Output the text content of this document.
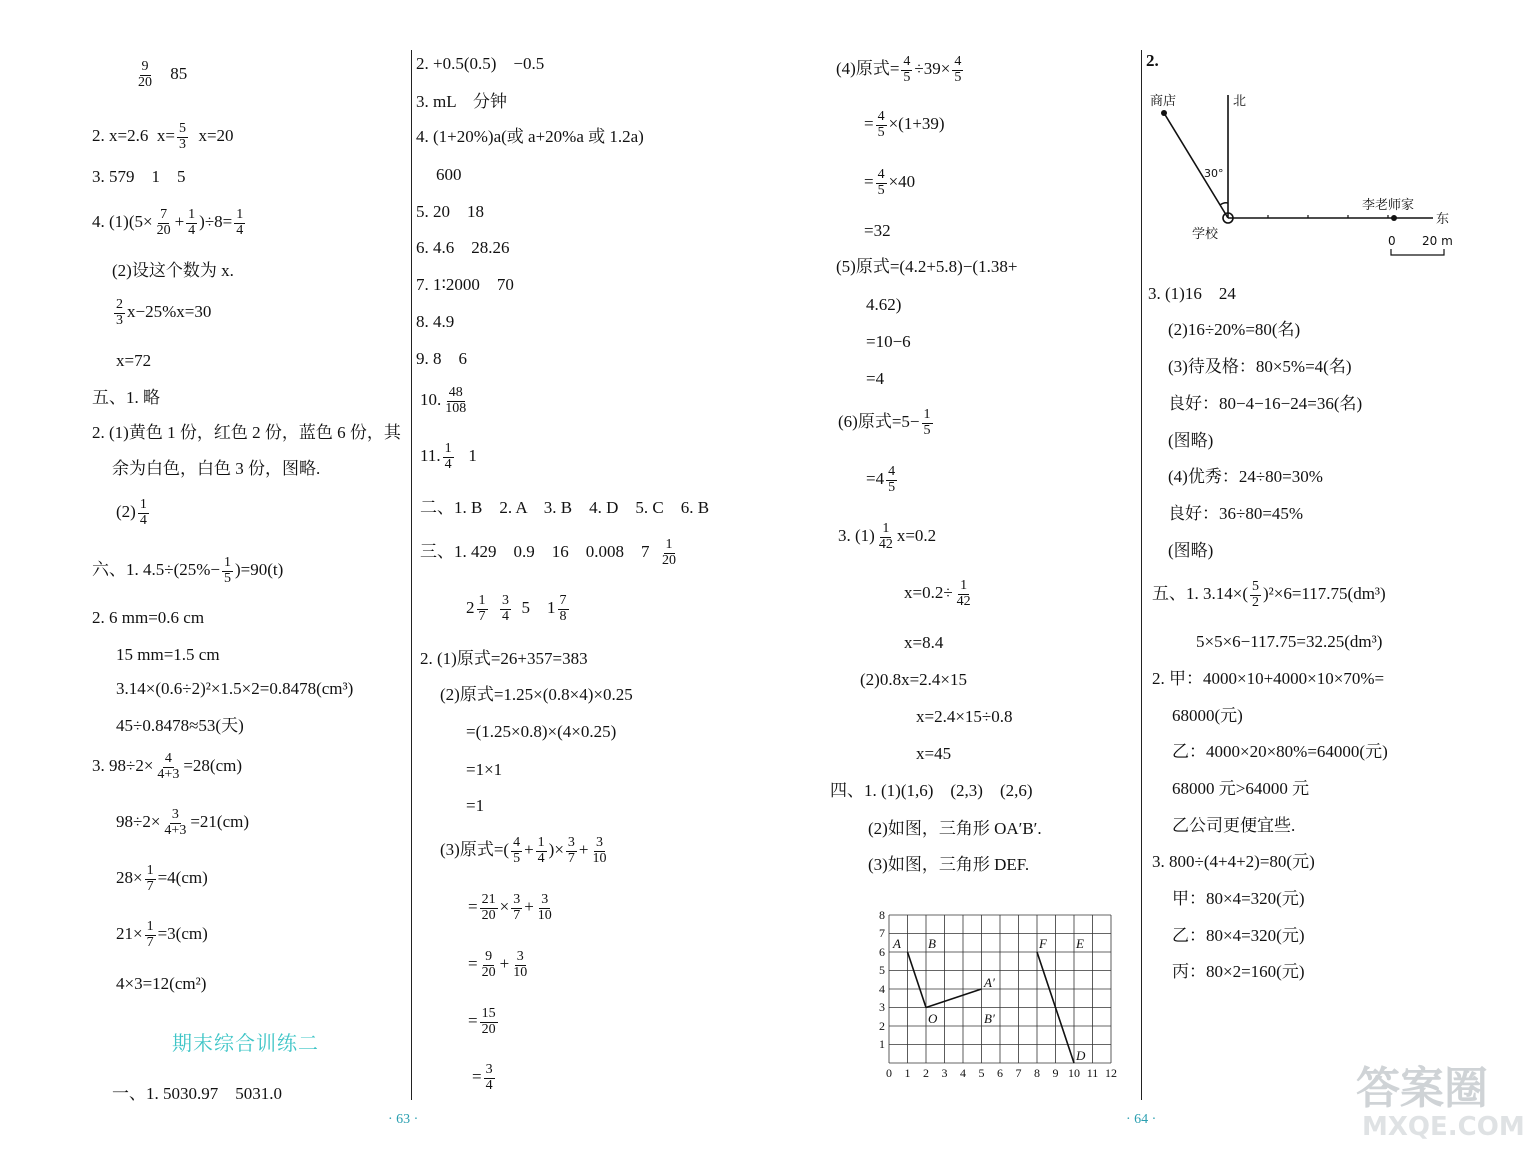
$\frac{9}{20} 85$
2. x=2.6 $x= \frac{5}{3} x=20$
3. 579　1　5
4. $(1)(5\times \frac{7}{20} + \frac{1}{4} )\div 8= \frac{1}{4}$
(2)设这个数为 x.
$\frac{2}{3} x-25\%x=30$
x=72
五、1. 略
2. (1)黄色 1 份，红色 2 份，蓝色 6 份，其
余为白色，白色 3 份，图略.
$(2) \frac{1}{4}$
六、1. $4.5\div(25\%- \frac{1}{5} )=90(t)$
2. 6 mm=0.6 cm
15 mm=1.5 cm
3.14×(0.6÷2)²×1.5×2=0.8478(cm³)
45÷0.8478≈53(天)
3. $98\div 2\times \frac{4}{4+3} =28(cm)$
$98\div 2\times \frac{3}{4+3} =21(cm)$
$28\times \frac{1}{7} =4(cm)$
$21\times \frac{1}{7} =3(cm)$
4×3=12(cm²)
期末综合训练二
一、1. 5030.97　5031.0
2. +0.5(0.5)　−0.5
3. mL　分钟
4. (1+20%)a(或 a+20%a 或 1.2a)
600
5. 20　18
6. 4.6　28.26
7. 1∶2000　70
8. 4.9
9. 8　6
10. $\frac{48}{108}$
11. $\frac{1}{4} 1$
二、1. B　2. A　3. B　4. D　5. C　6. B
三、1. 429　0.9　16　0.008　$7 \frac{1}{20}$
$2 \frac{1}{7}$
$\frac{3}{4} 5$　$1 \frac{7}{8}$
2. (1)原式=26+357=383
(2)原式=1.25×(0.8×4)×0.25
=(1.25×0.8)×(4×0.25)
=1×1
=1
(3)原式=( $\frac{4}{5} + \frac{1}{4}$ )× $\frac{3}{7} + \frac{3}{10}$
= $\frac{21}{20} \times \frac{3}{7} + \frac{3}{10}$
= $\frac{9}{20} + \frac{3}{10}$
= $\frac{15}{20}$
= $\frac{3}{4}$
· 63 ·
(4)原式= $\frac{4}{5} \div 39\times \frac{4}{5}$
= $\frac{4}{5} \times(1+39)$
= $\frac{4}{5} \times 40$
=32
(5)原式=(4.2+5.8)−(1.38+
4.62)
=10−6
=4
(6)原式$=5- \frac{1}{5}$
$=4 \frac{4}{5}$
3. $(1) \frac{1}{42} x=0.2$
$x=0.2\div \frac{1}{42}$
x=8.4
(2)0.8x=2.4×15
x=2.4×15÷0.8
x=45
四、1. (1)(1,6)　(2,3)　(2,6)
(2)如图，三角形 OA′B′.
(3)如图，三角形 DEF.
A B
O
A′
B′
F E
D
0 1 2 3 4 5 6 7 8 9 10 11 12
1
2
3
4
5
6
7
8
2.
商店	北
30°
李老师家
东
学校	0 20 m
3. (1)16　24
(2)16÷20%=80(名)
(3)待及格：80×5%=4(名)
良好：80−4−16−24=36(名)
(图略)
(4)优秀：24÷80=30%
良好：36÷80=45%
(图略)
五、1. $3.14\times( \frac{5}{2} )^2\times 6=117.75(dm^3)$
5×5×6−117.75=32.25(dm³)
2. 甲：4000×10+4000×10×70%=
68000(元)
乙：4000×20×80%=64000(元)
68000 元>64000 元
乙公司更便宜些.
3. 800÷(4+4+2)=80(元)
甲：80×4=320(元)
乙：80×4=320(元)
丙：80×2=160(元)
· 64 ·
答案圈
MXQE.COM
